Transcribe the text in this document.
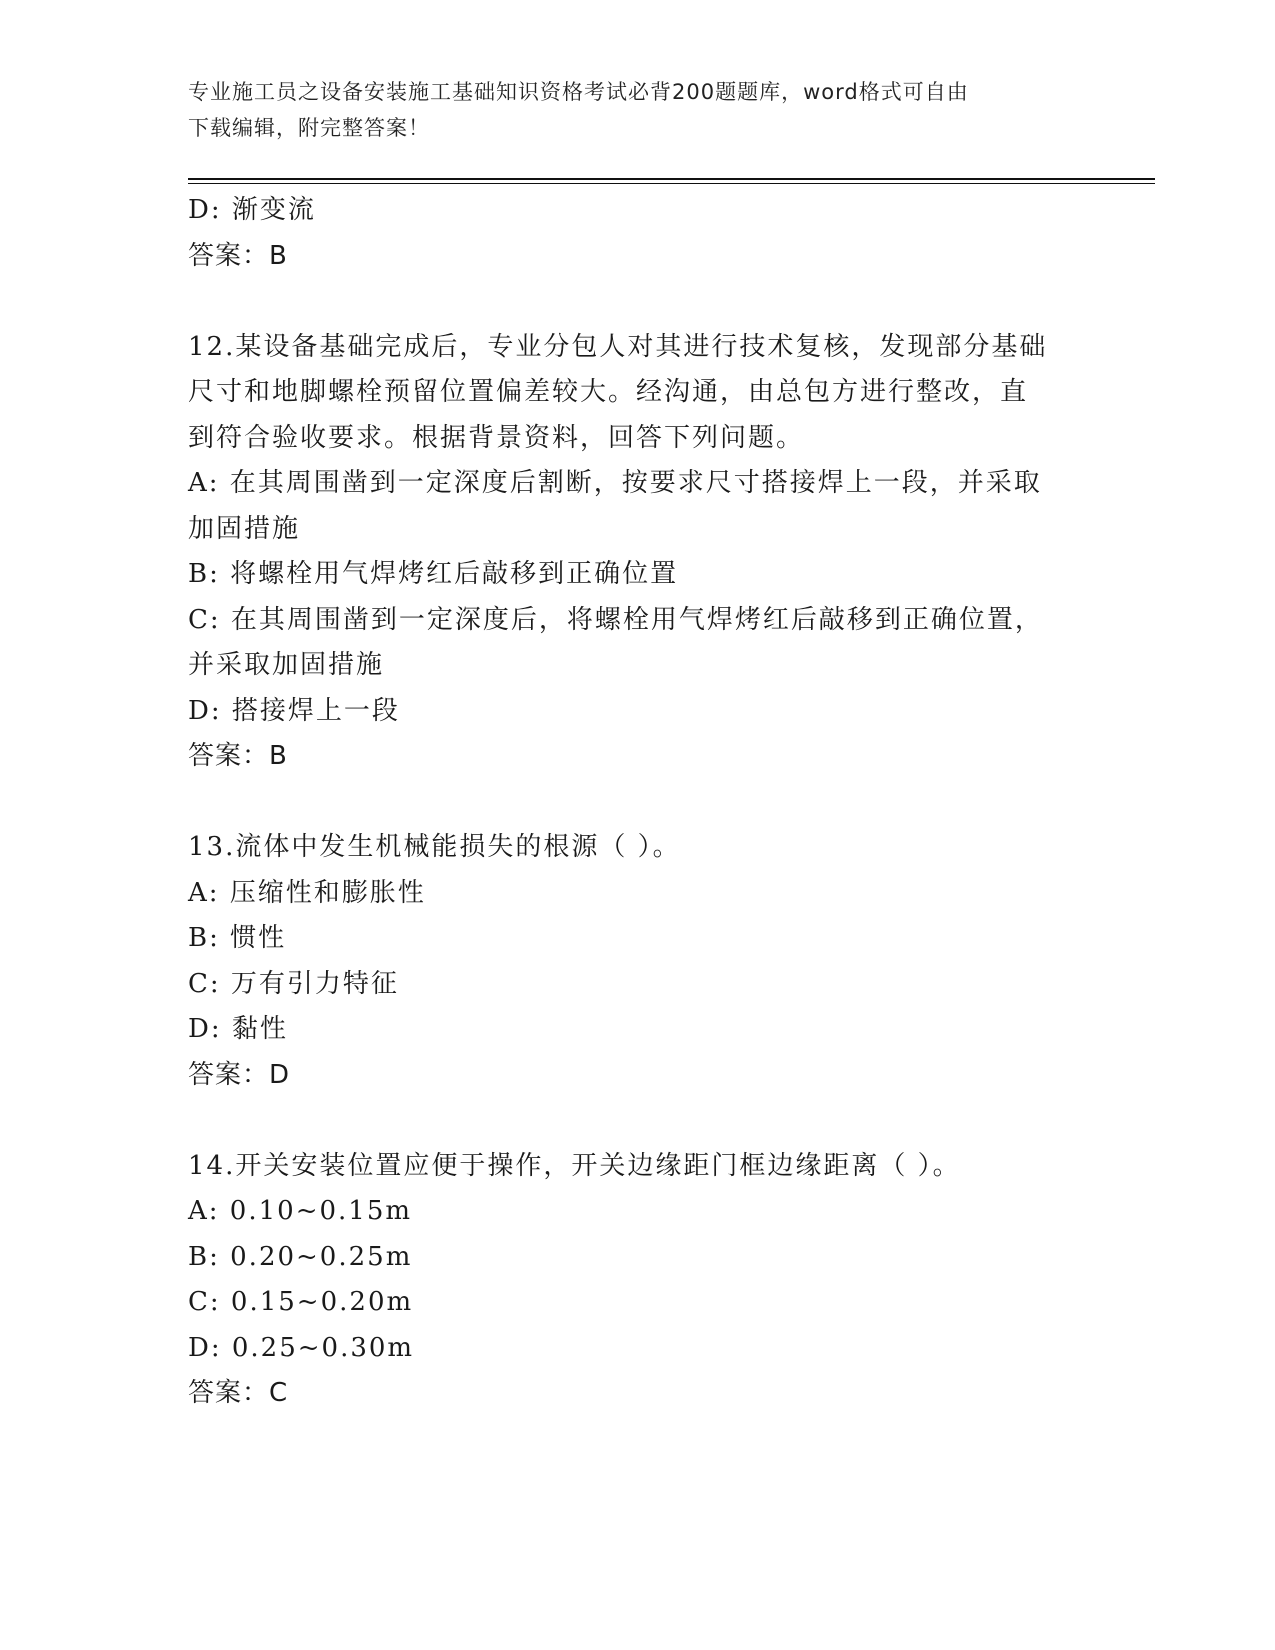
专业施工员之设备安装施工基础知识资格考试必背200题题库，word格式可自由
下载编辑，附完整答案！
D: 渐变流
答案：B
12.某设备基础完成后，专业分包人对其进行技术复核，发现部分基础
尺寸和地脚螺栓预留位置偏差较大。经沟通，由总包方进行整改，直
到符合验收要求。根据背景资料，回答下列问题。
A: 在其周围凿到一定深度后割断，按要求尺寸搭接焊上一段，并采取
加固措施
B: 将螺栓用气焊烤红后敲移到正确位置
C: 在其周围凿到一定深度后，将螺栓用气焊烤红后敲移到正确位置，
并采取加固措施
D: 搭接焊上一段
答案：B
13.流体中发生机械能损失的根源（ ）。
A: 压缩性和膨胀性
B: 惯性
C: 万有引力特征
D: 黏性
答案：D
14.开关安装位置应便于操作，开关边缘距门框边缘距离（ ）。
A: 0.10~0.15m
B: 0.20~0.25m
C: 0.15~0.20m
D: 0.25~0.30m
答案：C
